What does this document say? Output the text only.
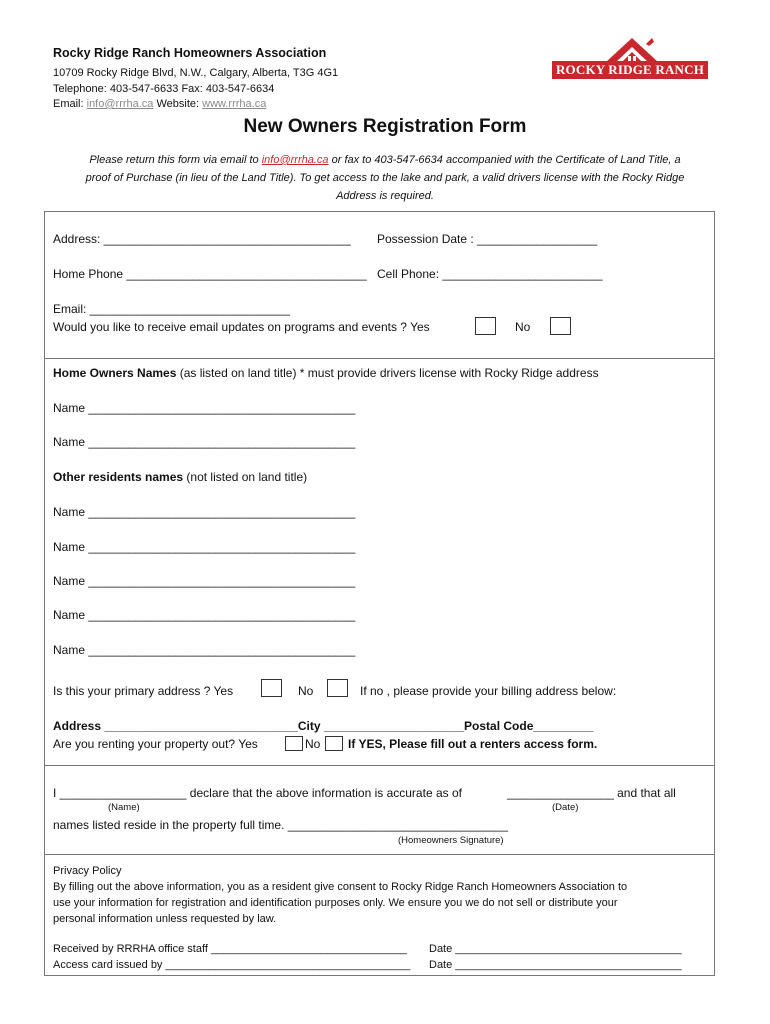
Rocky Ridge Ranch Homeowners Association
10709 Rocky Ridge Blvd, N.W., Calgary, Alberta, T3G 4G1
Telephone: 403-547-6633 Fax: 403-547-6634
Email: info@rrrha.ca Website: www.rrrha.ca
ROCKY RIDGE RANCH
New Owners Registration Form
Please return this form via email to info@rrrha.ca or fax to 403-547-6634 accompanied with the Certificate of Land Title, a
proof of Purchase (in lieu of the Land Title). To get access to the lake and park, a valid drivers license with the Rocky Ridge
Address is required.
Address: _____________________________________ Possession Date : __________________
Home Phone ____________________________________ Cell Phone: ________________________
Email: ______________________________
Would you like to receive email updates on programs and events ? Yes	No
Home Owners Names (as listed on land title) * must provide drivers license with Rocky Ridge address
Name ________________________________________
Name ________________________________________
Other residents names (not listed on land title)
Name ________________________________________
Name ________________________________________
Name ________________________________________
Name ________________________________________
Name ________________________________________
Is this your primary address ? Yes	No	If no , please provide your billing address below:
Address _____________________________City _____________________Postal Code_________
Are you renting your property out? Yes	No If YES, Please fill out a renters access form.
I ___________________ declare that the above information is accurate as of	________________ and that all
(Name)	(Date)
names listed reside in the property full time. _________________________________
(Homeowners Signature)
Privacy Policy
By filling out the above information, you as a resident give consent to Rocky Ridge Ranch Homeowners Association to
use your information for registration and identification purposes only. We ensure you we do not sell or distribute your
personal information unless requested by law.
Received by RRRHA office staff ________________________________ Date _____________________________________
Access card issued by ________________________________________ Date _____________________________________
